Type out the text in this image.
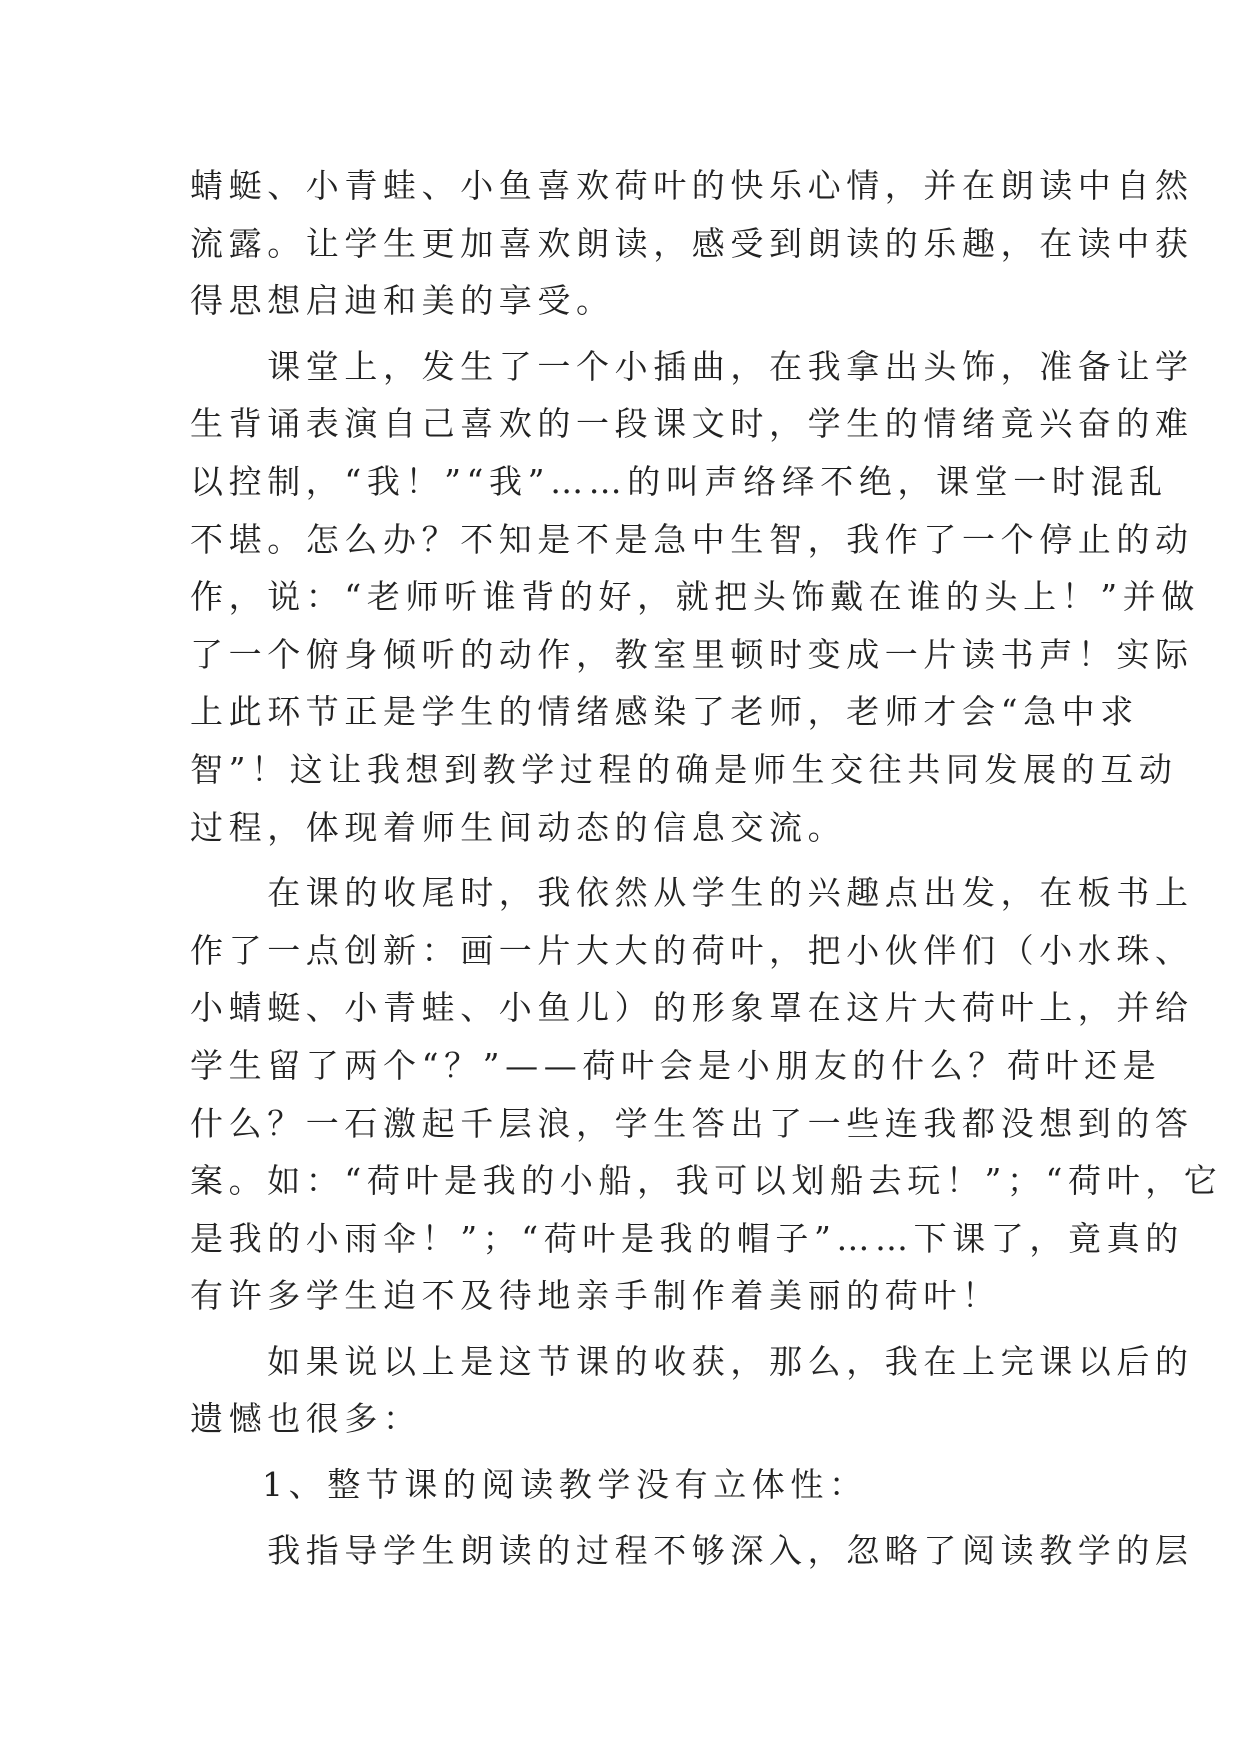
蜻蜓、小青蛙、小鱼喜欢荷叶的快乐心情，并在朗读中自然
流露。让学生更加喜欢朗读，感受到朗读的乐趣，在读中获
得思想启迪和美的享受。
　　课堂上，发生了一个小插曲，在我拿出头饰，准备让学
生背诵表演自己喜欢的一段课文时，学生的情绪竟兴奋的难
以控制，“我！”“我”……的叫声络绎不绝，课堂一时混乱
不堪。怎么办？不知是不是急中生智，我作了一个停止的动
作，说：“老师听谁背的好，就把头饰戴在谁的头上！”并做
了一个俯身倾听的动作，教室里顿时变成一片读书声！实际
上此环节正是学生的情绪感染了老师，老师才会“急中求
智”！这让我想到教学过程的确是师生交往共同发展的互动
过程，体现着师生间动态的信息交流。
　　在课的收尾时，我依然从学生的兴趣点出发，在板书上
作了一点创新：画一片大大的荷叶，把小伙伴们（小水珠、
小蜻蜓、小青蛙、小鱼儿）的形象罩在这片大荷叶上，并给
学生留了两个“？”——荷叶会是小朋友的什么？荷叶还是
什么？一石激起千层浪，学生答出了一些连我都没想到的答
案。如：“荷叶是我的小船，我可以划船去玩！”；“荷叶，它
是我的小雨伞！”；“荷叶是我的帽子”……下课了，竟真的
有许多学生迫不及待地亲手制作着美丽的荷叶！
　　如果说以上是这节课的收获，那么，我在上完课以后的
遗憾也很多：
1、整节课的阅读教学没有立体性：
　　我指导学生朗读的过程不够深入，忽略了阅读教学的层
